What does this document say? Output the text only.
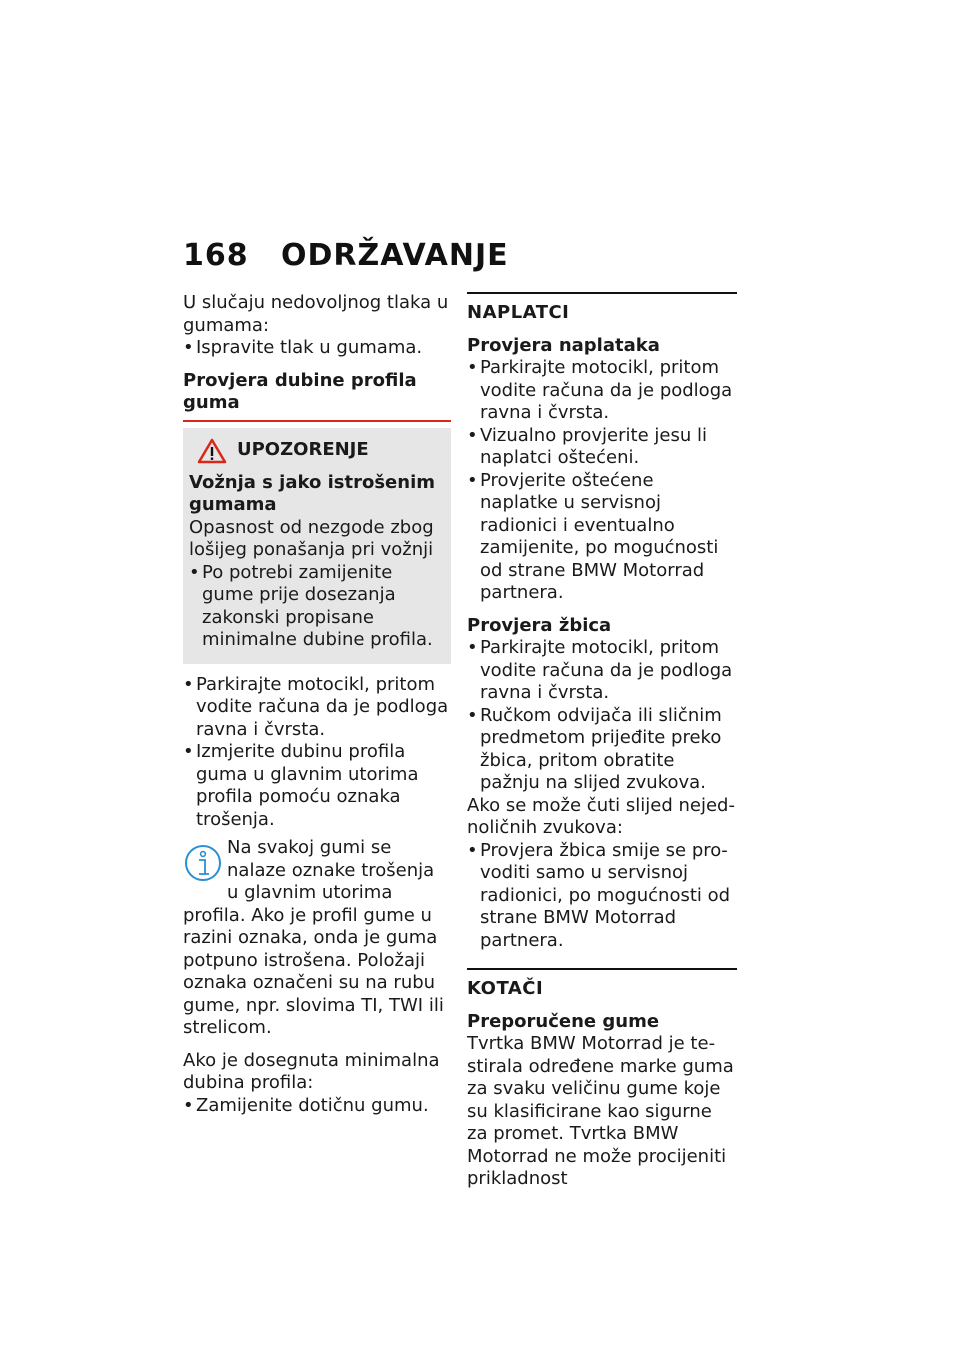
168 ODRŽAVANJE

U slučaju nedovoljnog tlaka u gumama:

• Ispravite tlak u gumama.
Provjera dubine profila guma
UPOZORENJE

Vožnja s jako istrošenim gumama

Opasnost od nezgode zbog lošijeg ponašanja pri vožnji

• Po potrebi zamijenite gume prije dosezanja zakonski propisane minimalne dubine profila.
• Parkirajte motocikl, pritom vodite računa da je podloga ravna i čvrsta.
• Izmjerite dubinu profila guma u glavnim utorima profila pomoću oznaka trošenja.

Na svakoj gumi se nalaze oznake trošenja u glavnim utorima profila. Ako je profil gume u razini oznaka, onda je guma potpuno istrošena. Položaji oznaka označeni su na rubu gume, npr. slovima TI, TWI ili strelicom.

Ako je dosegnuta minimalna dubina profila:

• Zamijenite dotičnu gumu.
NAPLATCI

Provjera naplataka

• Parkirajte motocikl, pritom vodite računa da je podloga ravna i čvrsta.
• Vizualno provjerite jesu li naplatci oštećeni.
• Provjerite oštećene naplatke u servisnoj radionici i eventualno zamijenite, po mogućnosti od strane BMW Motorrad partnera.

Provjera žbica

• Parkirajte motocikl, pritom vodite računa da je podloga ravna i čvrsta.
• Ručkom odvijača ili sličnim predmetom prijeđite preko žbica, pritom obratite pažnju na slijed zvukova.

Ako se može čuti slijed nejednoličnih zvukova:

• Provjera žbica smije se provoditi samo u servisnoj radionici, po mogućnosti od strane BMW Motorrad partnera.
KOTAČI

Preporučene gume

Tvrtka BMW Motorrad je testirala određene marke guma za svaku veličinu gume koje su klasificirane kao sigurne za promet. Tvrtka BMW Motorrad ne može procijeniti prikladnost
